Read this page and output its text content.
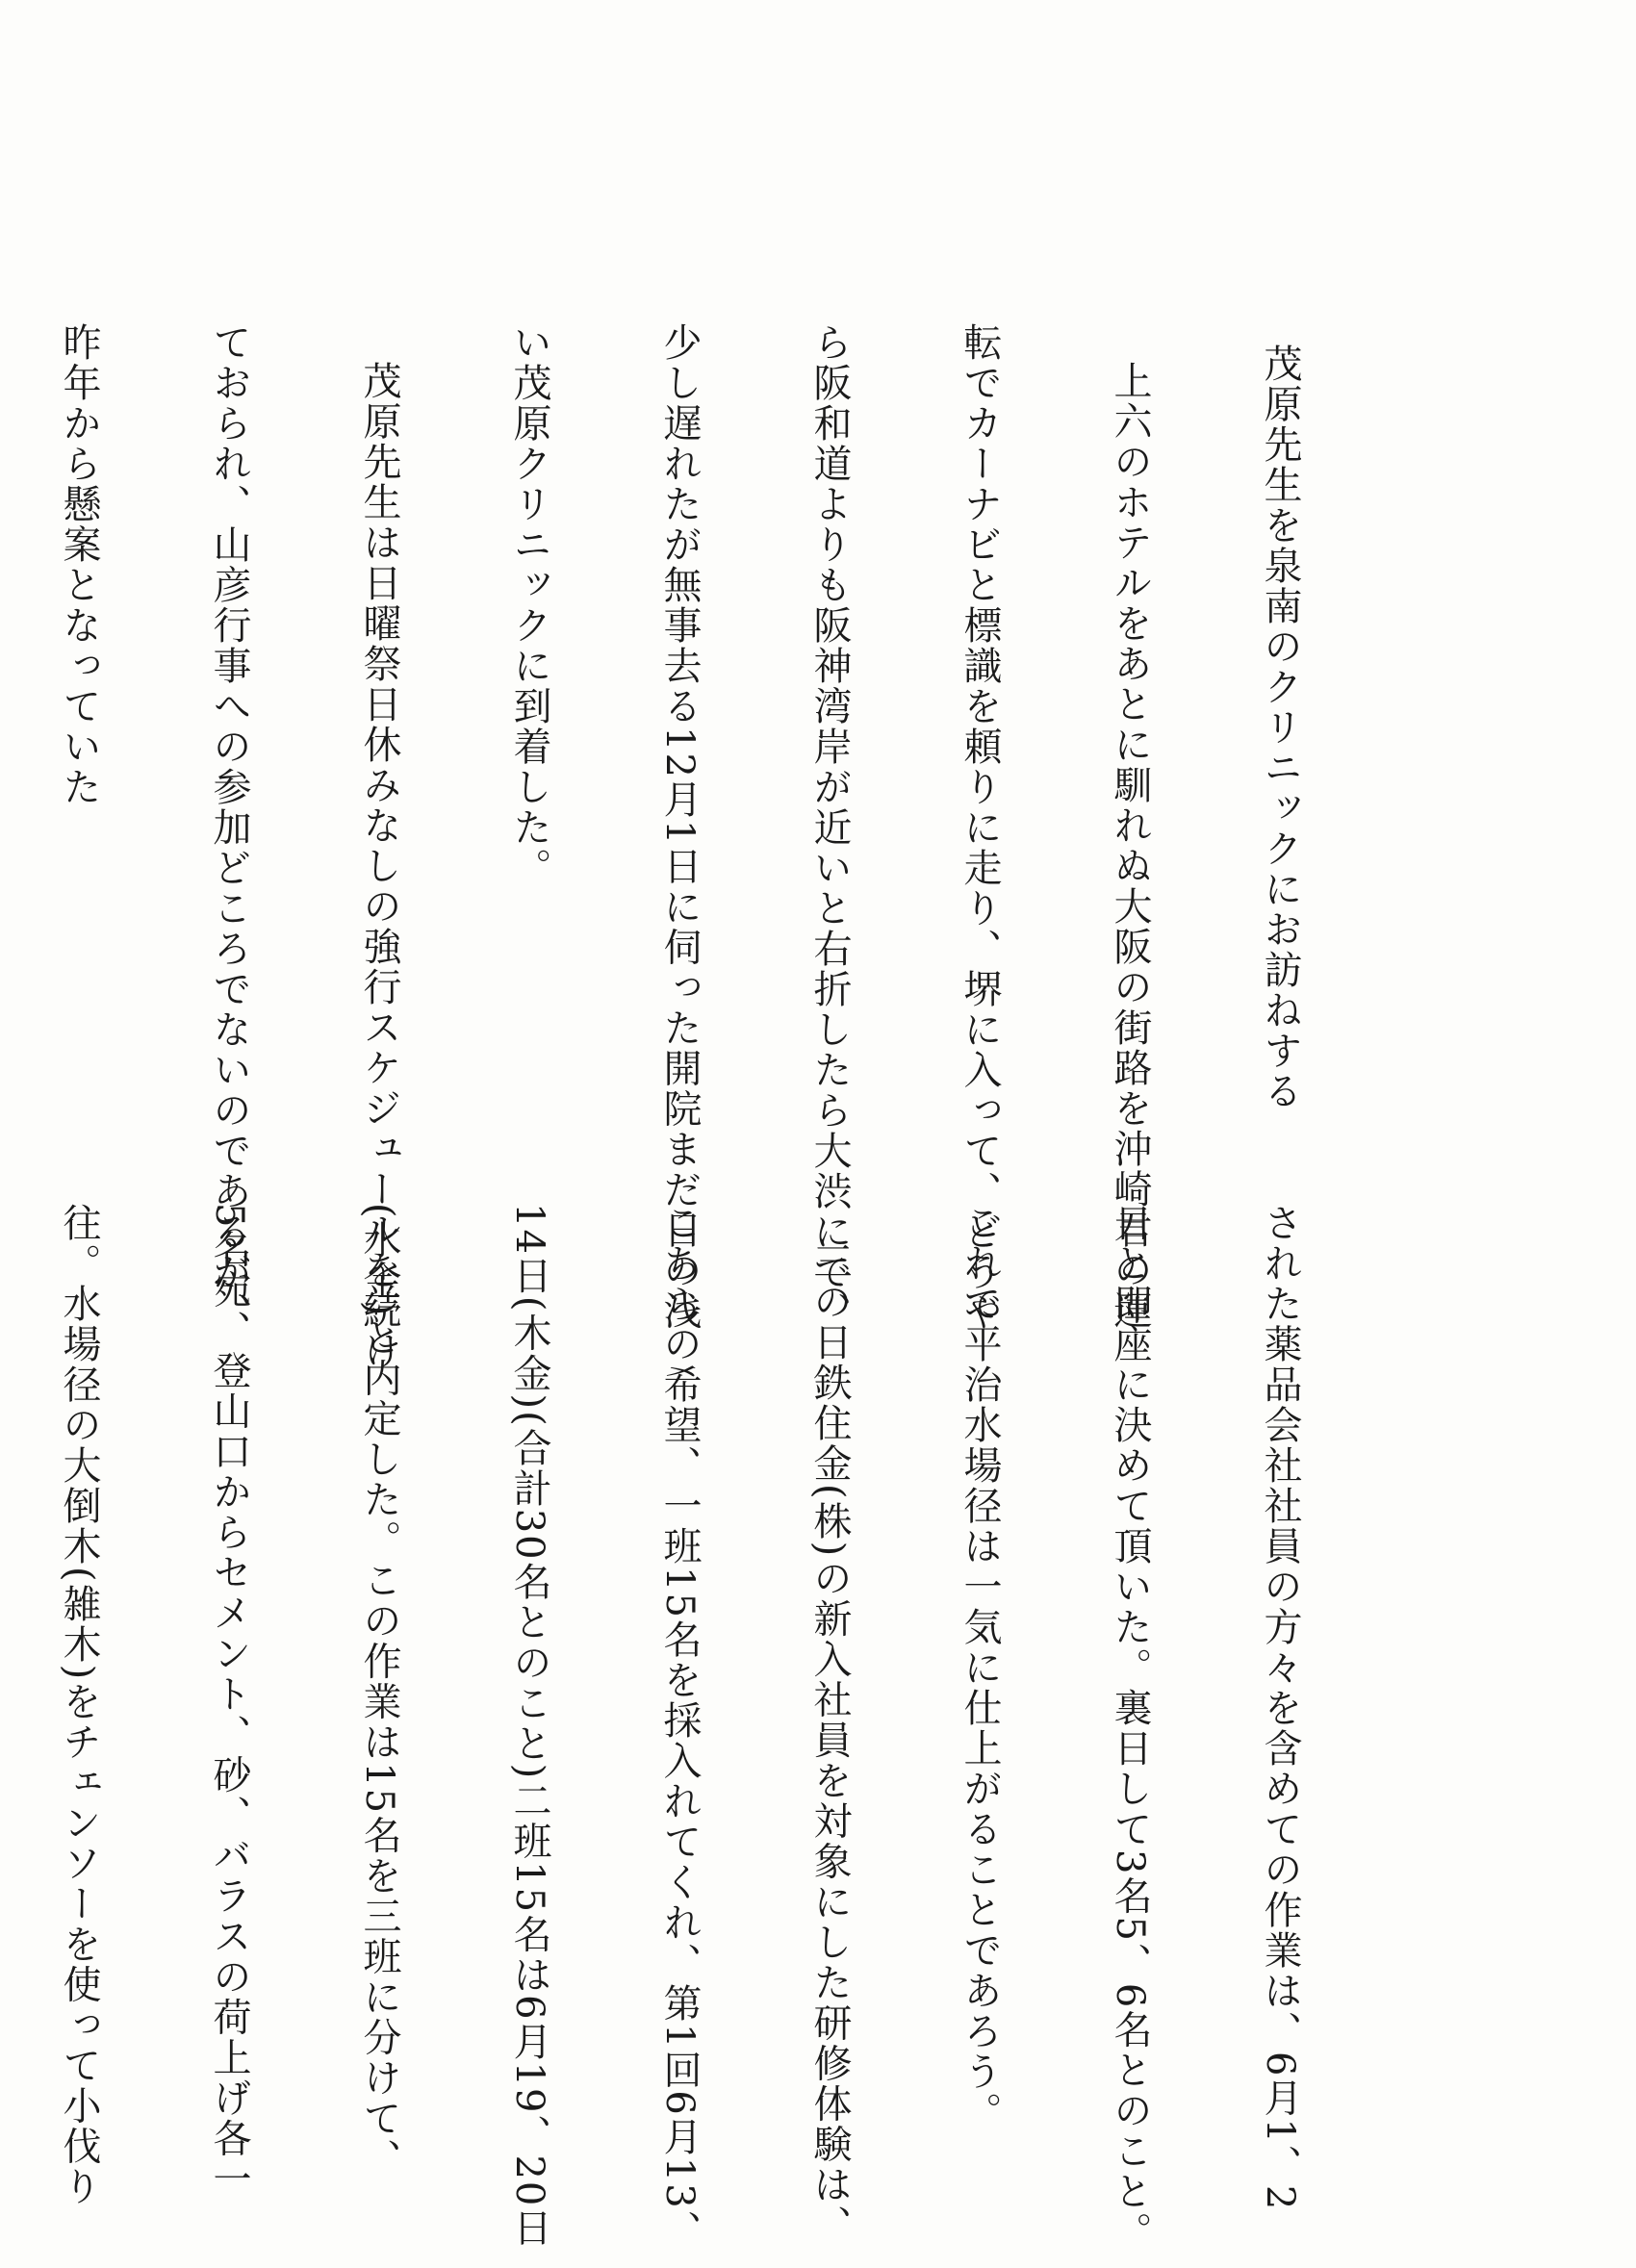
茂原先生を泉南のクリニックにお訪ねする

上六のホテルをあとに馴れぬ大阪の街路を沖崎君の運

転でカーナビと標識を頼りに走り、堺に入って、どうや

ら阪和道よりも阪神湾岸が近いと右折したら大渋にで、

少し遅れたが無事去る12月1日に伺った開院まだ日の浅

い茂原クリニックに到着した。

茂原先生は日曜祭日休みなしの強行スケジュールを続け

ておられ、山彦行事への参加どころでないのであるが、

昨年から懸案となっていた

された薬品会社社員の方々を含めての作業は、6月1、2

日と即座に決めて頂いた。裏日して3名5、6名とのこと。

これで平治水場径は一気に仕上がることであろう。

三の日鉄住金(株)の新入社員を対象にした研修体験は、

こちらの希望、一班15名を採入れてくれ、第1回6月13、

14日(木金)(合計30名とのこと)二班15名は6月19、20日

(水金)と内定した。この作業は15名を三班に分けて、

5名宛、登山口からセメント、砂、バラスの荷上げ各一

往。水場径の大倒木(雑木)をチェンソーを使って小伐り
